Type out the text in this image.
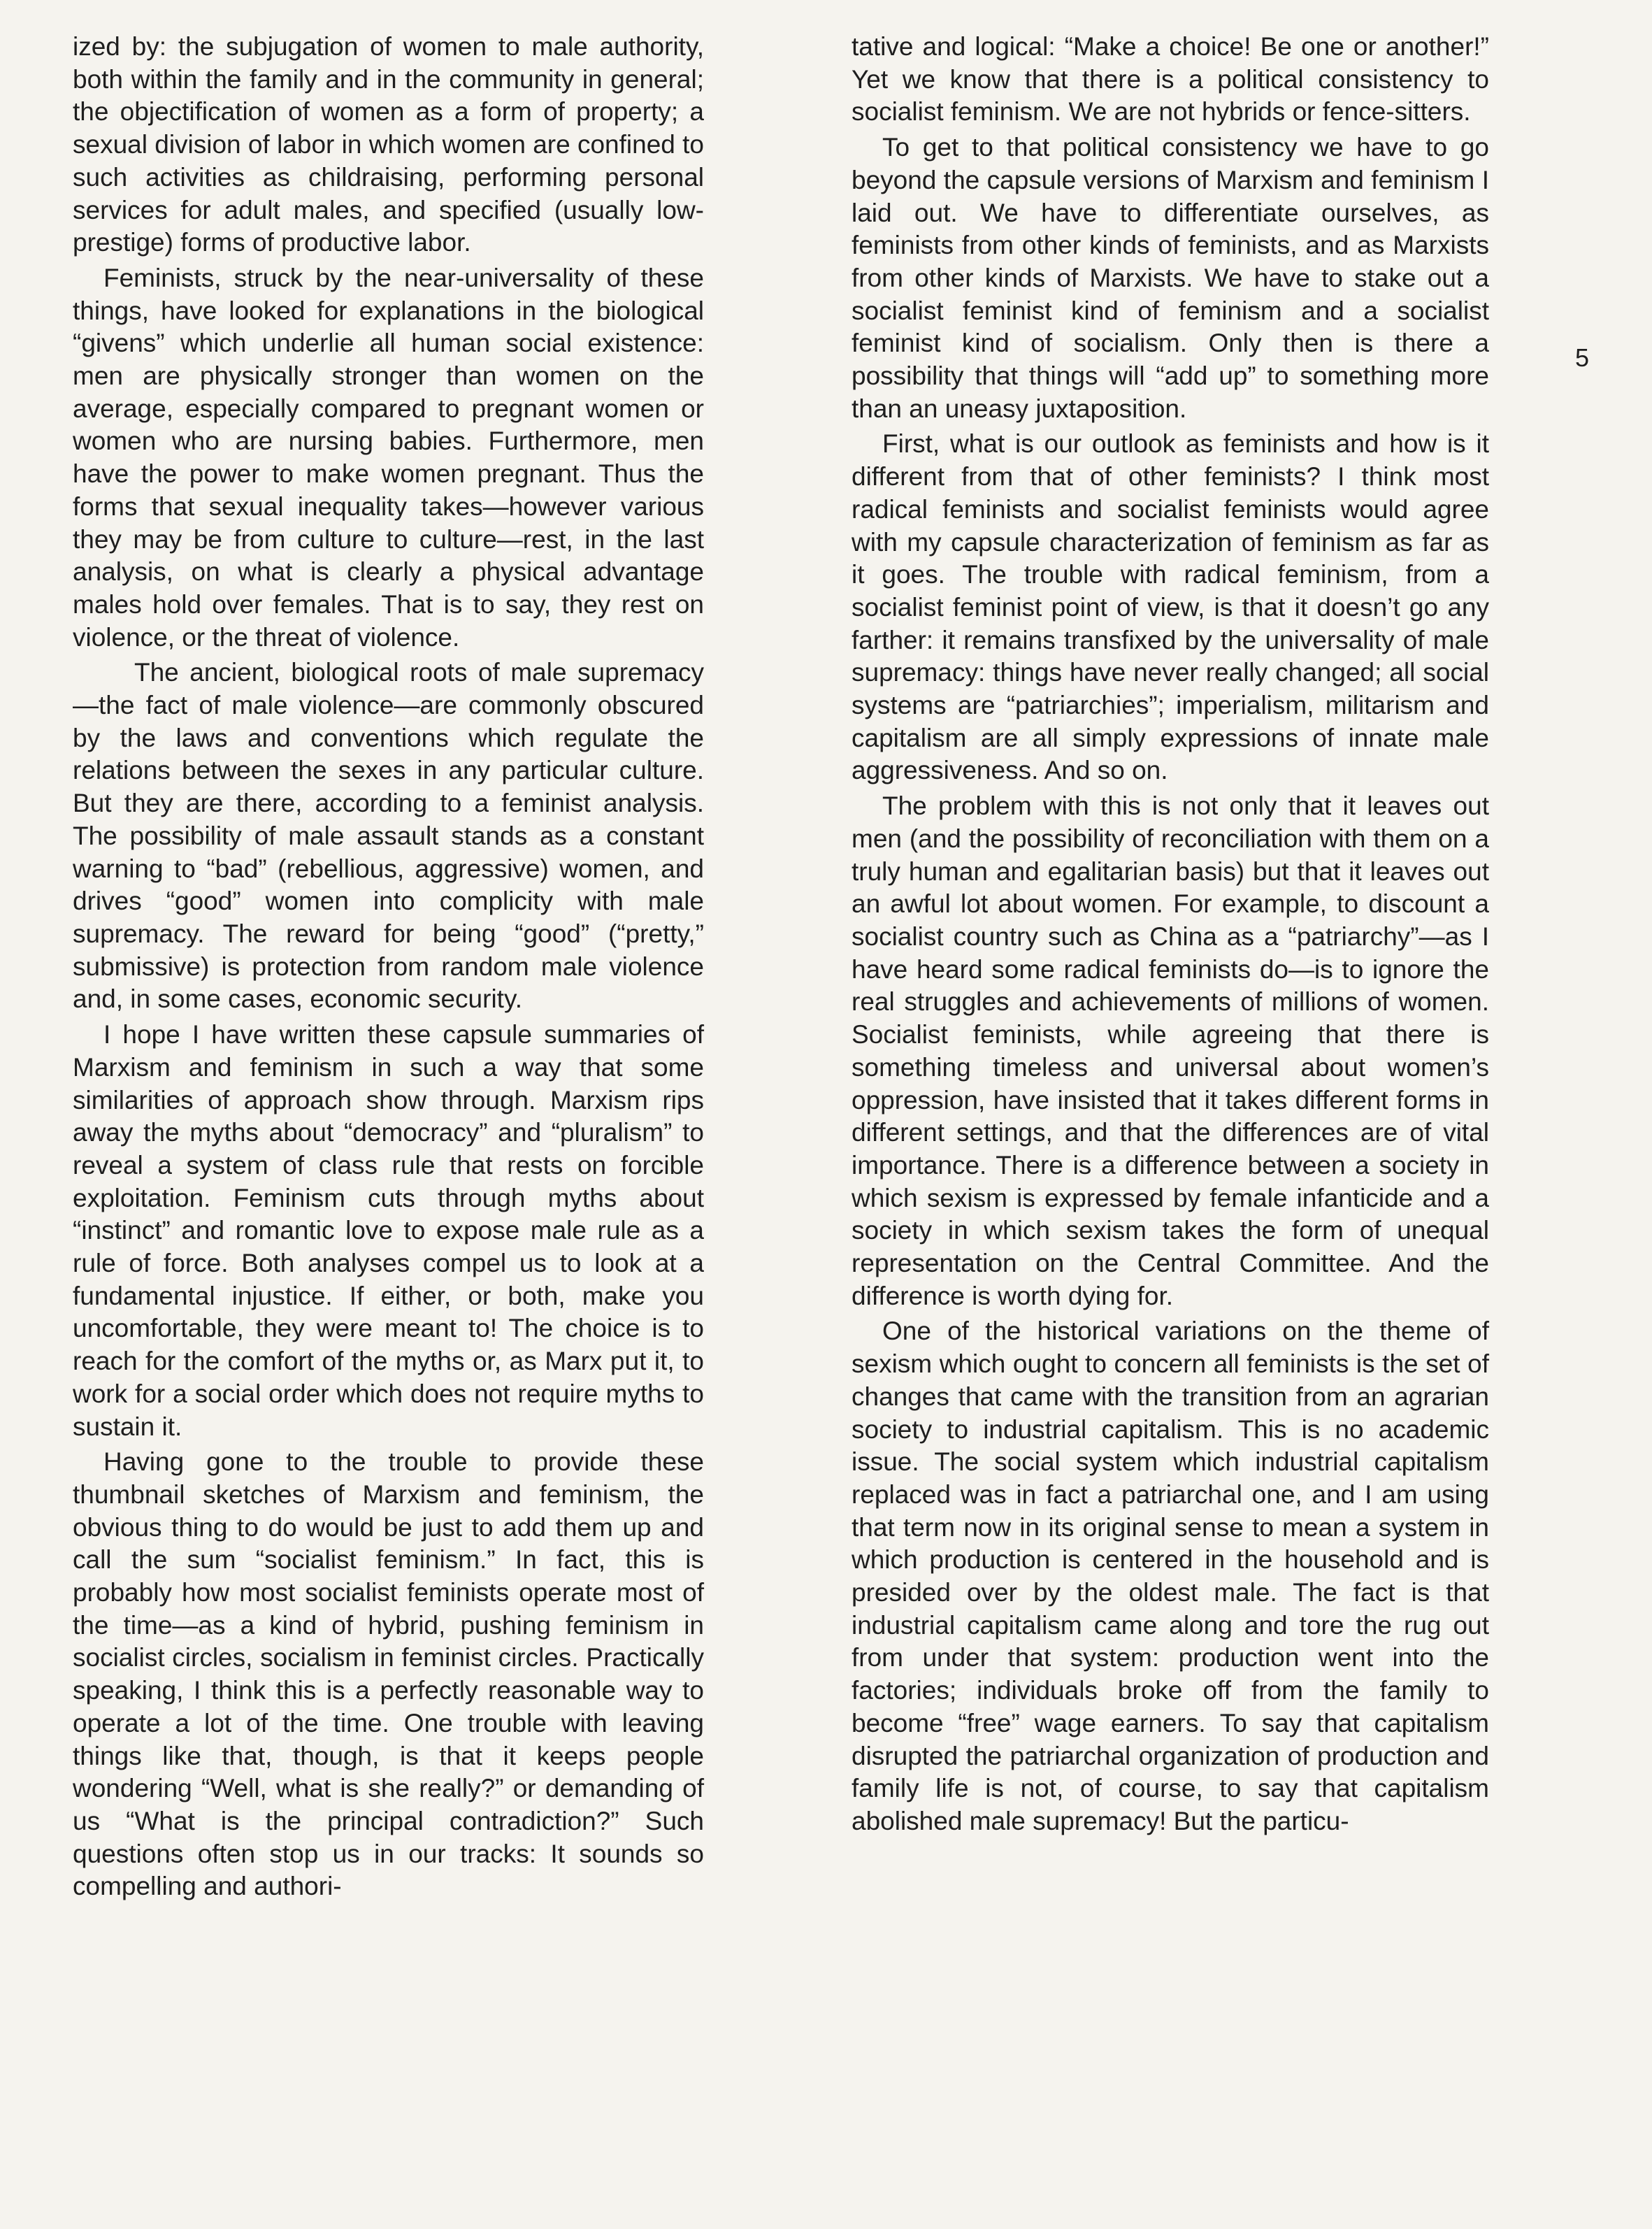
ized by: the subjugation of women to male authority, both within the family and in the community in general; the objectification of women as a form of property; a sexual division of labor in which women are confined to such activities as childraising, performing personal services for adult males, and specified (usually low-prestige) forms of productive labor.

Feminists, struck by the near-universality of these things, have looked for explanations in the biological “givens” which underlie all human social existence: men are physically stronger than women on the average, especially compared to pregnant women or women who are nursing babies. Furthermore, men have the power to make women pregnant. Thus the forms that sexual inequality takes—however various they may be from culture to culture—rest, in the last analysis, on what is clearly a physical advantage males hold over females. That is to say, they rest on violence, or the threat of violence.

The ancient, biological roots of male supremacy—the fact of male violence—are commonly obscured by the laws and conventions which regulate the relations between the sexes in any particular culture. But they are there, according to a feminist analysis. The possibility of male assault stands as a constant warning to “bad” (rebellious, aggressive) women, and drives “good” women into complicity with male supremacy. The reward for being “good” (“pretty,” submissive) is protection from random male violence and, in some cases, economic security.

I hope I have written these capsule summaries of Marxism and feminism in such a way that some similarities of approach show through. Marxism rips away the myths about “democracy” and “pluralism” to reveal a system of class rule that rests on forcible exploitation. Feminism cuts through myths about “instinct” and romantic love to expose male rule as a rule of force. Both analyses compel us to look at a fundamental injustice. If either, or both, make you uncomfortable, they were meant to! The choice is to reach for the comfort of the myths or, as Marx put it, to work for a social order which does not require myths to sustain it.

Having gone to the trouble to provide these thumbnail sketches of Marxism and feminism, the obvious thing to do would be just to add them up and call the sum “socialist feminism.” In fact, this is probably how most socialist feminists operate most of the time—as a kind of hybrid, pushing feminism in socialist circles, socialism in feminist circles. Practically speaking, I think this is a perfectly reasonable way to operate a lot of the time. One trouble with leaving things like that, though, is that it keeps people wondering “Well, what is she really?” or demanding of us “What is the principal contradiction?” Such questions often stop us in our tracks: It sounds so compelling and authori-

tative and logical: “Make a choice! Be one or another!” Yet we know that there is a political consistency to socialist feminism. We are not hybrids or fence-sitters.

To get to that political consistency we have to go beyond the capsule versions of Marxism and feminism I laid out. We have to differentiate ourselves, as feminists from other kinds of feminists, and as Marxists from other kinds of Marxists. We have to stake out a socialist feminist kind of feminism and a socialist feminist kind of socialism. Only then is there a possibility that things will “add up” to something more than an uneasy juxtaposition.

First, what is our outlook as feminists and how is it different from that of other feminists? I think most radical feminists and socialist feminists would agree with my capsule characterization of feminism as far as it goes. The trouble with radical feminism, from a socialist feminist point of view, is that it doesn’t go any farther: it remains transfixed by the universality of male supremacy: things have never really changed; all social systems are “patriarchies”; imperialism, militarism and capitalism are all simply expressions of innate male aggressiveness. And so on.

The problem with this is not only that it leaves out men (and the possibility of reconciliation with them on a truly human and egalitarian basis) but that it leaves out an awful lot about women. For example, to discount a socialist country such as China as a “patriarchy”—as I have heard some radical feminists do—is to ignore the real struggles and achievements of millions of women. Socialist feminists, while agreeing that there is something timeless and universal about women’s oppression, have insisted that it takes different forms in different settings, and that the differences are of vital importance. There is a difference between a society in which sexism is expressed by female infanticide and a society in which sexism takes the form of unequal representation on the Central Committee. And the difference is worth dying for.

One of the historical variations on the theme of sexism which ought to concern all feminists is the set of changes that came with the transition from an agrarian society to industrial capitalism. This is no academic issue. The social system which industrial capitalism replaced was in fact a patriarchal one, and I am using that term now in its original sense to mean a system in which production is centered in the household and is presided over by the oldest male. The fact is that industrial capitalism came along and tore the rug out from under that system: production went into the factories; individuals broke off from the family to become “free” wage earners. To say that capitalism disrupted the patriarchal organization of production and family life is not, of course, to say that capitalism abolished male supremacy! But the particu-

5
